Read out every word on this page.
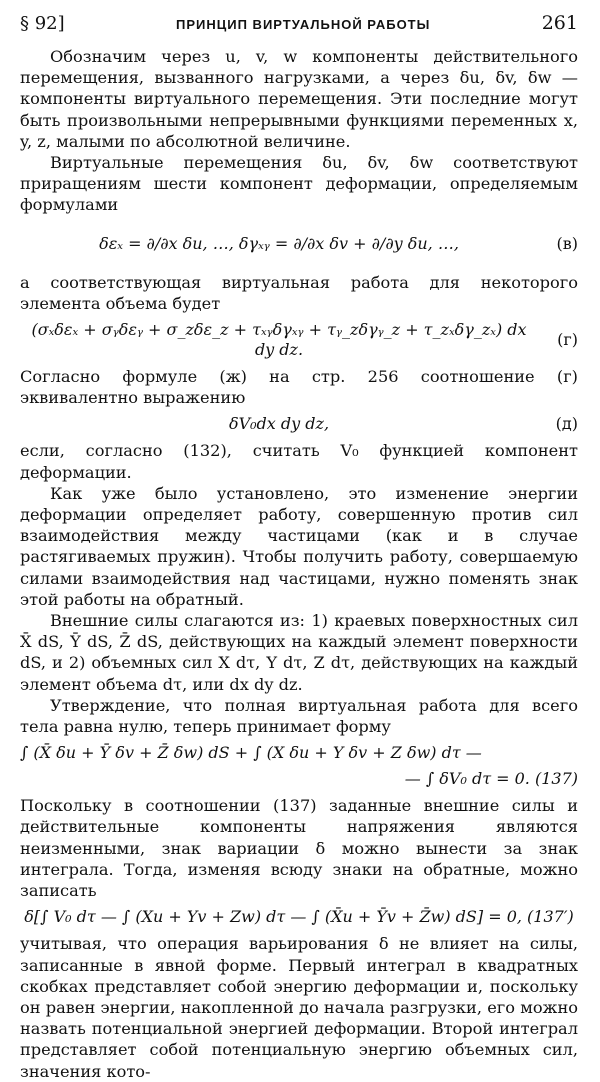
§ 92]	ПРИНЦИП ВИРТУАЛЬНОЙ РАБОТЫ	261

Обозначим через u, v, w компоненты действительного перемещения, вызванного нагрузками, а через δu, δv, δw — компоненты виртуального перемещения. Эти последние могут быть произвольными непрерывными функциями переменных x, y, z, малыми по абсолютной величине.

Виртуальные перемещения δu, δv, δw соответствуют приращениям шести компонент деформации, определяемым формулами

δεₓ = ∂/∂x δu, …, δγₓᵧ = ∂/∂x δv + ∂/∂y δu, …,	(в)

а соответствующая виртуальная работа для некоторого элемента объема будет

(σₓδεₓ + σᵧδεᵧ + σ_zδε_z + τₓᵧδγₓᵧ + τᵧ_zδγᵧ_z + τ_zₓδγ_zₓ) dx dy dz.
(г)

Согласно формуле (ж) на стр. 256 соотношение (г) эквивалентно выражению

δV₀dx dy dz,	(д)

если, согласно (132), считать V₀ функцией компонент деформации.

Как уже было установлено, это изменение энергии деформации определяет работу, совершенную против сил взаимодействия между частицами (как и в случае растягиваемых пружин). Чтобы получить работу, совершаемую силами взаимодействия над частицами, нужно поменять знак этой работы на обратный.

Внешние силы слагаются из: 1) краевых поверхностных сил X̄ dS, Ȳ dS, Z̄ dS, действующих на каждый элемент поверхности dS, и 2) объемных сил X dτ, Y dτ, Z dτ, действующих на каждый элемент объема dτ, или dx dy dz.

Утверждение, что полная виртуальная работа для всего тела равна нулю, теперь принимает форму

∫ (X̄ δu + Ȳ δv + Z̄ δw) dS + ∫ (X δu + Y δv + Z δw) dτ —
— ∫ δV₀ dτ = 0. (137)

Поскольку в соотношении (137) заданные внешние силы и действительные компоненты напряжения являются неизменными, знак вариации δ можно вынести за знак интеграла. Тогда, изменяя всюду знаки на обратные, можно записать

δ[∫ V₀ dτ — ∫ (Xu + Yv + Zw) dτ — ∫ (X̄u + Ȳv + Z̄w) dS] = 0, (137′)

учитывая, что операция варьирования δ не влияет на силы, записанные в явной форме. Первый интеграл в квадратных скобках представляет собой энергию деформации и, поскольку он равен энергии, накопленной до начала разгрузки, его можно назвать потенциальной энергией деформации. Второй интеграл представляет собой потенциальную энергию объемных сил, значения кото-
